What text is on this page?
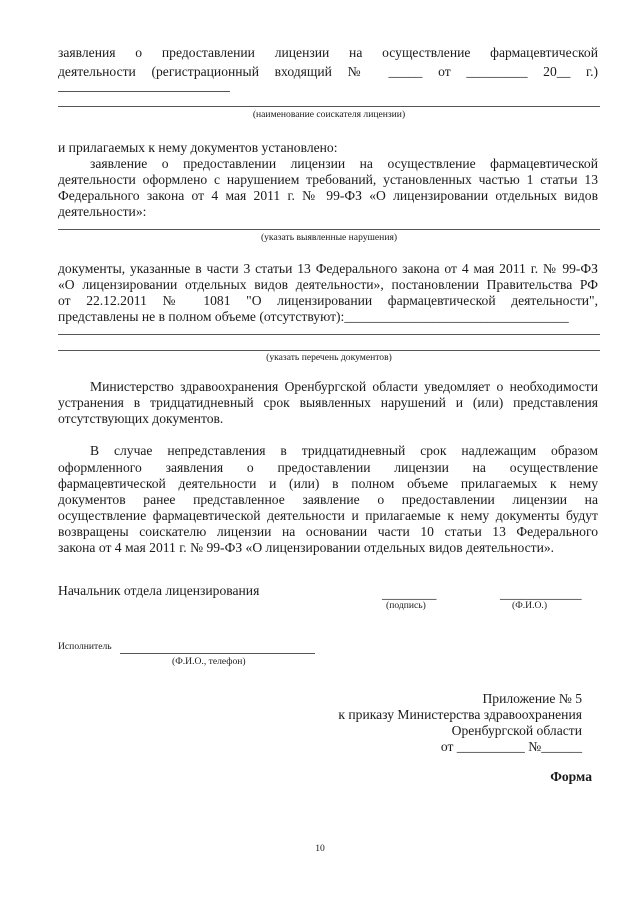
заявления о предоставлении лицензии на осуществление фармацевтической
деятельности (регистрационный входящий № _____ от _________ 20__ г.)
(наименование соискателя лицензии)
и прилагаемых к нему документов установлено:
заявление о предоставлении лицензии на осуществление фармацевтической
деятельности оформлено с нарушением требований, установленных частью 1 статьи 13
Федерального закона от 4 мая 2011 г. № 99-ФЗ «О лицензировании отдельных видов
деятельности»:
(указать выявленные нарушения)
документы, указанные в части 3 статьи 13 Федерального закона от 4 мая 2011 г. № 99-ФЗ
«О лицензировании отдельных видов деятельности», постановлении Правительства РФ
от 22.12.2011 № 1081 "О лицензировании фармацевтической деятельности",
представлены не в полном объеме (отсутствуют):_________________________________
(указать перечень документов)
Министерство здравоохранения Оренбургской области уведомляет о необходимости
устранения в тридцатидневный срок выявленных нарушений и (или) представления
отсутствующих документов.
В случае непредставления в тридцатидневный срок надлежащим образом
оформленного заявления о предоставлении лицензии на осуществление
фармацевтической деятельности и (или) в полном объеме прилагаемых к нему
документов ранее представленное заявление о предоставлении лицензии на
осуществление фармацевтической деятельности и прилагаемые к нему документы будут
возвращены соискателю лицензии на основании части 10 статьи 13 Федерального
закона от 4 мая 2011 г. № 99-ФЗ «О лицензировании отдельных видов деятельности».
Начальник отдела лицензирования	________	____________
(подпись)	(Ф.И.О.)
Исполнитель
(Ф.И.О., телефон)
Приложение № 5
к приказу Министерства здравоохранения
Оренбургской области
от __________ №______
Форма
10
